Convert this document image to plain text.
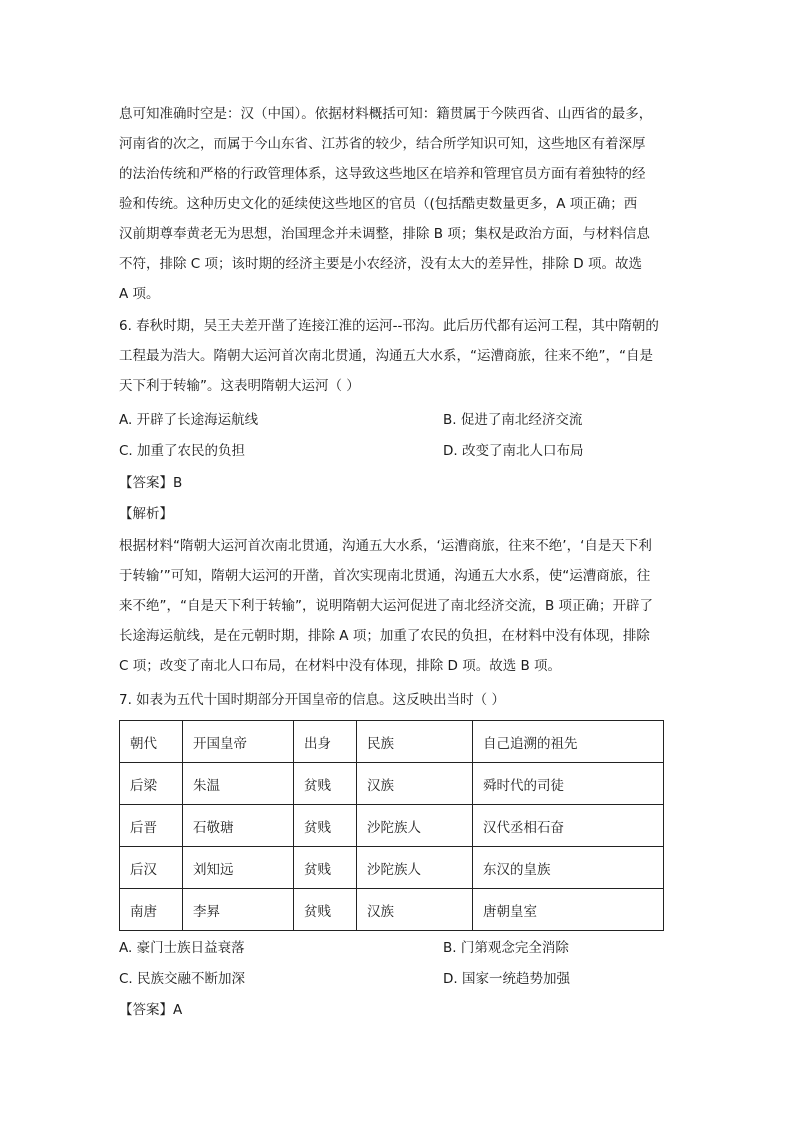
息可知准确时空是：汉（中国）。依据材料概括可知：籍贯属于今陕西省、山西省的最多，
河南省的次之，而属于今山东省、江苏省的较少，结合所学知识可知，这些地区有着深厚
的法治传统和严格的行政管理体系，这导致这些地区在培养和管理官员方面有着独特的经
验和传统。这种历史文化的延续使这些地区的官员（(包括酷吏数量更多，A 项正确；西
汉前期尊奉黄老无为思想，治国理念并未调整，排除 B 项；集权是政治方面，与材料信息
不符，排除 C 项；该时期的经济主要是小农经济，没有太大的差异性，排除 D 项。故选
A 项。
6. 春秋时期，吴王夫差开凿了连接江淮的运河--邗沟。此后历代都有运河工程，其中隋朝的
工程最为浩大。隋朝大运河首次南北贯通，沟通五大水系，“运漕商旅，往来不绝”，“自是
天下利于转输”。这表明隋朝大运河（ ）
A. 开辟了长途海运航线	B. 促进了南北经济交流
C. 加重了农民的负担	D. 改变了南北人口布局
【答案】B
【解析】
根据材料“隋朝大运河首次南北贯通，沟通五大水系，‘运漕商旅，往来不绝’，‘自是天下利
于转输’”可知，隋朝大运河的开凿，首次实现南北贯通，沟通五大水系，使“运漕商旅，往
来不绝”，“自是天下利于转输”，说明隋朝大运河促进了南北经济交流，B 项正确；开辟了
长途海运航线，是在元朝时期，排除 A 项；加重了农民的负担，在材料中没有体现，排除
C 项；改变了南北人口布局，在材料中没有体现，排除 D 项。故选 B 项。
7. 如表为五代十国时期部分开国皇帝的信息。这反映出当时（ ）
朝代	开国皇帝	出身	民族	自己追溯的祖先
后梁	朱温	贫贱	汉族	舜时代的司徒
后晋	石敬瑭	贫贱	沙陀族人	汉代丞相石奋
后汉	刘知远	贫贱	沙陀族人	东汉的皇族
南唐	李昪	贫贱	汉族	唐朝皇室
A. 豪门士族日益衰落	B. 门第观念完全消除
C. 民族交融不断加深	D. 国家一统趋势加强
【答案】A
